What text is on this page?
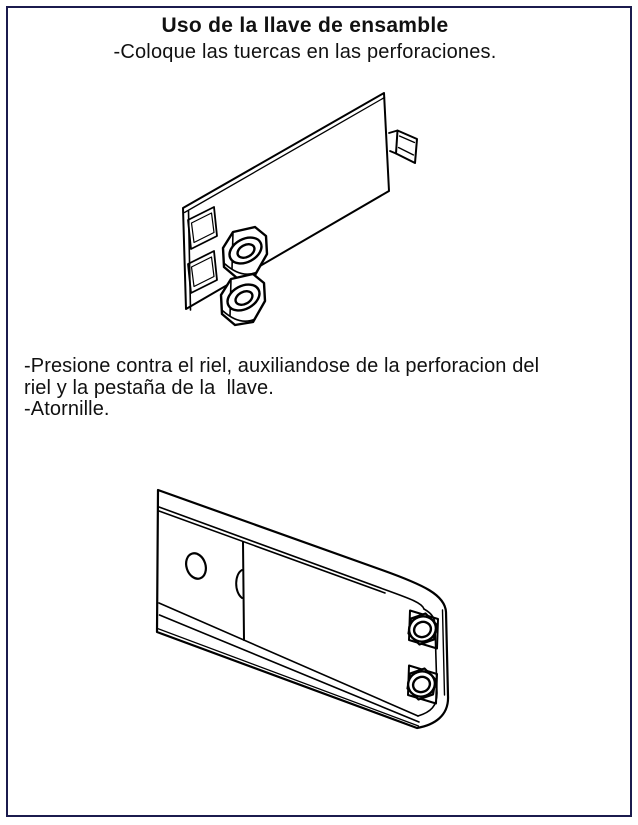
Uso de la llave de ensamble
-Coloque las tuercas en las perforaciones.
-Presione contra el riel, auxiliandose de la perforacion del
riel y la pestaña de la  llave.
-Atornille.
